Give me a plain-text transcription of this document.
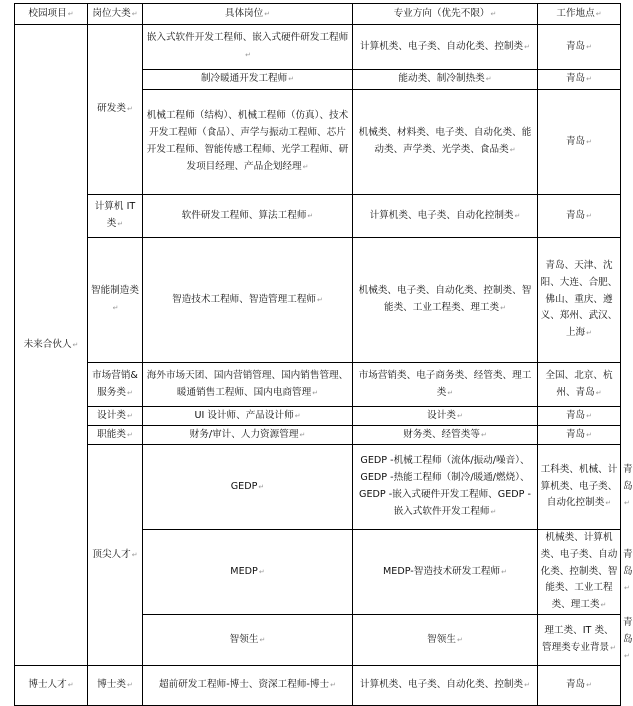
校园项目↵	岗位大类↵	具体岗位↵	专业方向（优先不限）↵	工作地点↵	
未来合伙人↵	研发类↵	嵌入式软件开发工程师、嵌入式硬件研发工程师↵	计算机类、电子类、自动化类、控制类↵	青岛↵	
		制冷暖通开发工程师↵	能动类、制冷制热类↵	青岛↵	
		机械工程师（结构）、机械工程师（仿真）、技术开发工程师（食品）、声学与振动工程师、芯片开发工程师、智能传感工程师、光学工程师、研发项目经理、产品企划经理↵	机械类、材料类、电子类、自动化类、能动类、声学类、光学类、食品类↵	青岛↵	
	计算机 IT 类↵	软件研发工程师、算法工程师↵	计算机类、电子类、自动化控制类↵	青岛↵	
	智能制造类↵	智造技术工程师、智造管理工程师↵	机械类、电子类、自动化类、控制类、智能类、工业工程类、理工类↵	青岛、天津、沈阳、大连、合肥、佛山、重庆、遵义、郑州、武汉、上海↵	
	市场营销&服务类↵	海外市场天团、国内营销管理、国内销售管理、暖通销售工程师、国内电商管理↵	市场营销类、电子商务类、经管类、理工类↵	全国、北京、杭州、青岛↵	
	设计类↵	UI 设计师、产品设计师↵	设计类↵	青岛↵	
	职能类↵	财务/审计、人力资源管理↵	财务类、经管类等↵	青岛↵	
	顶尖人才↵	GEDP↵	GEDP -机械工程师（流体/振动/噪音）、GEDP -热能工程师（制冷/暖通/燃烧）、GEDP -嵌入式硬件开发工程师、GEDP -嵌入式软件开发工程师↵	工科类、机械、计算机类、电子类、自动化控制类↵	青岛↵
		MEDP↵	MEDP-智造技术研发工程师↵	机械类、计算机类、电子类、自动化类、控制类、智能类、工业工程类、理工类↵	青岛↵
		智领生↵	智领生↵	理工类、IT 类、管理类专业背景↵	青岛↵
博士人才↵	博士类↵	超前研发工程师-博士、资深工程师-博士↵	计算机类、电子类、自动化类、控制类↵	青岛↵	
